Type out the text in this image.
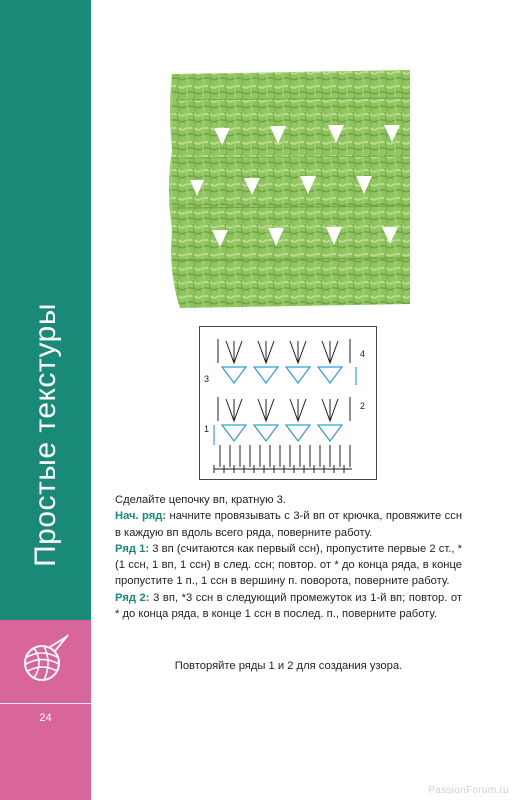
Простые текстуры
24
4
3
2
1

Сделайте цепочку вп, кратную 3.

Нач. ряд: начните провязывать с 3-й вп от крючка, провяжите ссн в каждую вп вдоль всего ряда, поверните работу.

Ряд 1: 3 вп (считаются как первый ссн), пропустите первые 2 ст., *(1 ссн, 1 вп, 1 ссн) в след. ссн; повтор. от * до конца ряда, в конце пропустите 1 п., 1 ссн в вершину п. поворота, поверните работу.

Ряд 2: 3 вп, *3 ссн в следующий промежуток из 1-й вп; повтор. от * до конца ряда, в конце 1 ссн в послед. п., поверните работу.

Повторяйте ряды 1 и 2 для создания узора.
PassionForum.ru
